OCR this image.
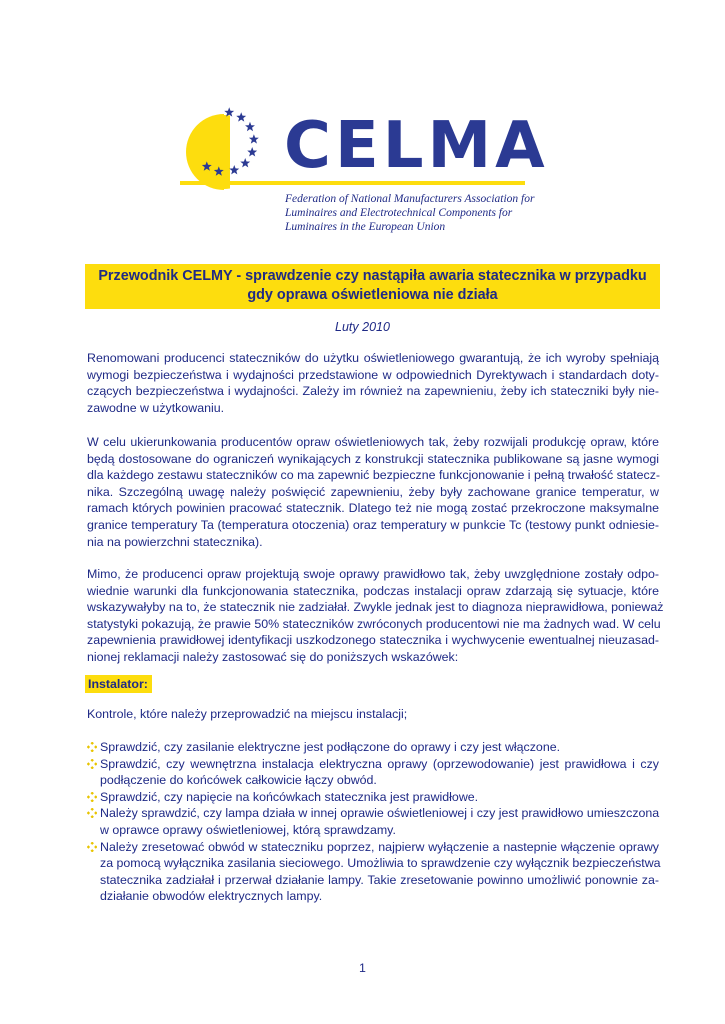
CELMA
Federation of National Manufacturers Association for
Luminaires and Electrotechnical Components for
Luminaires in the European Union
Przewodnik CELMY - sprawdzenie czy nastąpiła awaria statecznika w przypadku
gdy oprawa oświetleniowa nie działa
Luty 2010
Renomowani producenci stateczników do użytku oświetleniowego gwarantują, że ich wyroby spełniają
wymogi bezpieczeństwa i wydajności przedstawione w odpowiednich Dyrektywach i standardach doty-
czących bezpieczeństwa i wydajności. Zależy im również na zapewnieniu, żeby ich stateczniki były nie-
zawodne w użytkowaniu.
W celu ukierunkowania producentów opraw oświetleniowych tak, żeby rozwijali produkcję opraw, które
będą dostosowane do ograniczeń wynikających z konstrukcji statecznika publikowane są jasne wymogi
dla każdego zestawu stateczników co ma zapewnić bezpieczne funkcjonowanie i pełną trwałość statecz-
nika. Szczególną uwagę należy poświęcić zapewnieniu, żeby były zachowane granice temperatur, w
ramach których powinien pracować statecznik. Dlatego też nie mogą zostać przekroczone maksymalne
granice temperatury Ta (temperatura otoczenia) oraz temperatury w punkcie Tc (testowy punkt odniesie-
nia na powierzchni statecznika).
Mimo, że producenci opraw projektują swoje oprawy prawidłowo tak, żeby uwzględnione zostały odpo-
wiednie warunki dla funkcjonowania statecznika, podczas instalacji opraw zdarzają się sytuacje, które
wskazywałyby na to, że statecznik nie zadziałał. Zwykle jednak jest to diagnoza nieprawidłowa, ponieważ
statystyki pokazują, że prawie 50% stateczników zwróconych producentowi nie ma żadnych wad. W celu
zapewnienia prawidłowej identyfikacji uszkodzonego statecznika i wychwycenie ewentualnej nieuzasad-
nionej reklamacji należy zastosować się do poniższych wskazówek:
Instalator:
Kontrole, które należy przeprowadzić na miejscu instalacji;
Sprawdzić, czy zasilanie elektryczne jest podłączone do oprawy i czy jest włączone.
Sprawdzić, czy wewnętrzna instalacja elektryczna oprawy (oprzewodowanie) jest prawidłowa i czy
podłączenie do końcówek całkowicie łączy obwód.
Sprawdzić, czy napięcie na końcówkach statecznika jest prawidłowe.
Należy sprawdzić, czy lampa działa w innej oprawie oświetleniowej i czy jest prawidłowo umieszczona
w oprawce oprawy oświetleniowej, którą sprawdzamy.
Należy zresetować obwód w stateczniku poprzez, najpierw wyłączenie a nastepnie włączenie oprawy
za pomocą wyłącznika zasilania sieciowego. Umożliwia to sprawdzenie czy wyłącznik bezpieczeństwa
statecznika zadziałał i przerwał działanie lampy. Takie zresetowanie powinno umożliwić ponownie za-
działanie obwodów elektrycznych lampy.
1
